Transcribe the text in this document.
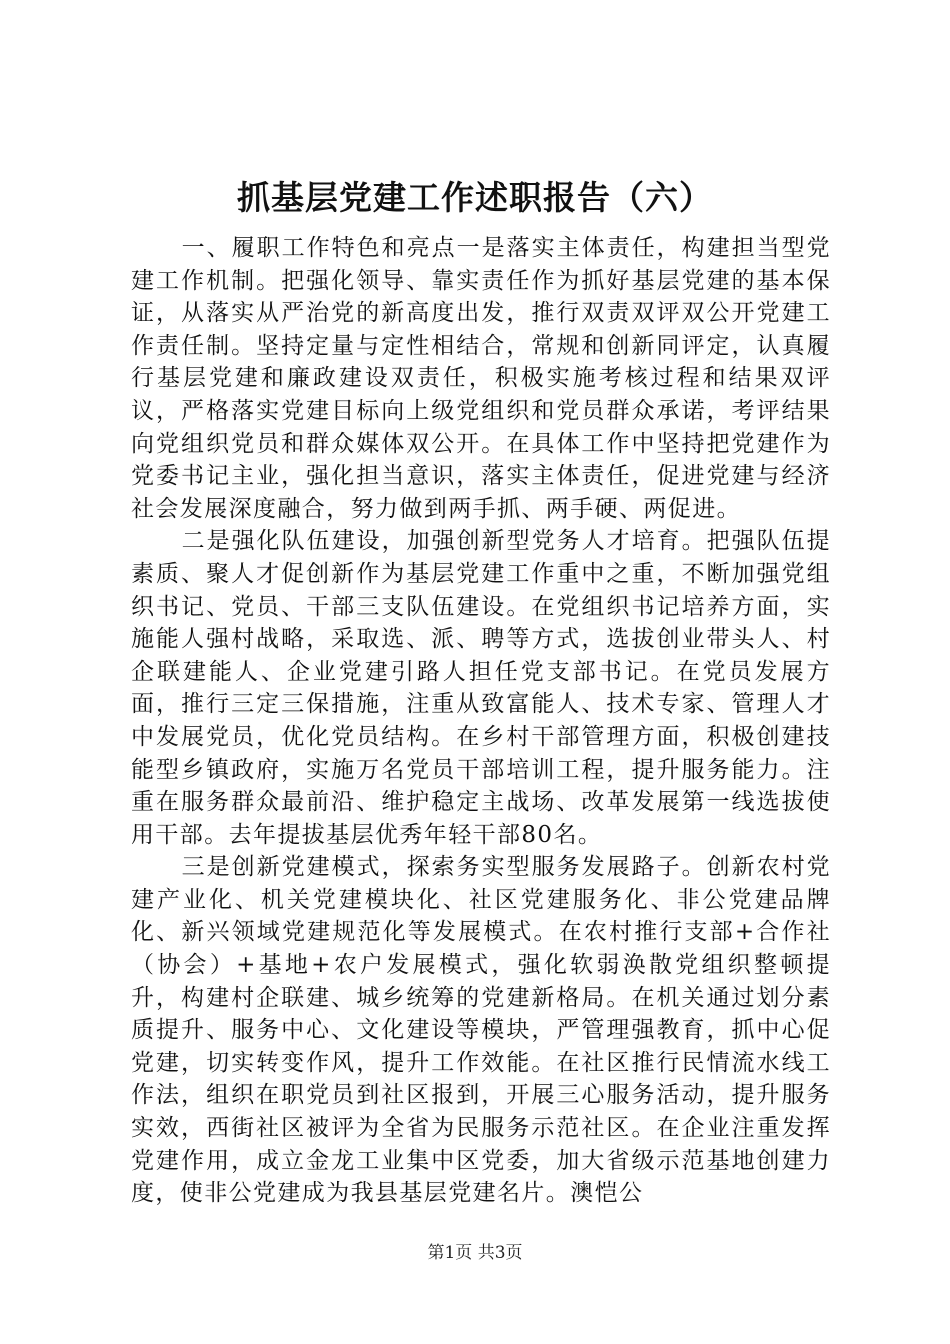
抓基层党建工作述职报告（六）

一、履职工作特色和亮点一是落实主体责任，构建担当型党建工作机制。把强化领导、靠实责任作为抓好基层党建的基本保证，从落实从严治党的新高度出发，推行双责双评双公开党建工作责任制。坚持定量与定性相结合，常规和创新同评定，认真履行基层党建和廉政建设双责任，积极实施考核过程和结果双评议，严格落实党建目标向上级党组织和党员群众承诺，考评结果向党组织党员和群众媒体双公开。在具体工作中坚持把党建作为党委书记主业，强化担当意识，落实主体责任，促进党建与经济社会发展深度融合，努力做到两手抓、两手硬、两促进。

二是强化队伍建设，加强创新型党务人才培育。把强队伍提素质、聚人才促创新作为基层党建工作重中之重，不断加强党组织书记、党员、干部三支队伍建设。在党组织书记培养方面，实施能人强村战略，采取选、派、聘等方式，选拔创业带头人、村企联建能人、企业党建引路人担任党支部书记。在党员发展方面，推行三定三保措施，注重从致富能人、技术专家、管理人才中发展党员，优化党员结构。在乡村干部管理方面，积极创建技能型乡镇政府，实施万名党员干部培训工程，提升服务能力。注重在服务群众最前沿、维护稳定主战场、改革发展第一线选拔使用干部。去年提拔基层优秀年轻干部80名。

三是创新党建模式，探索务实型服务发展路子。创新农村党建产业化、机关党建模块化、社区党建服务化、非公党建品牌化、新兴领域党建规范化等发展模式。在农村推行支部+合作社（协会）+基地+农户发展模式，强化软弱涣散党组织整顿提升，构建村企联建、城乡统筹的党建新格局。在机关通过划分素质提升、服务中心、文化建设等模块，严管理强教育，抓中心促党建，切实转变作风，提升工作效能。在社区推行民情流水线工作法，组织在职党员到社区报到，开展三心服务活动，提升服务实效，西街社区被评为全省为民服务示范社区。在企业注重发挥党建作用，成立金龙工业集中区党委，加大省级示范基地创建力度，使非公党建成为我县基层党建名片。澳恺公

第1页 共3页
